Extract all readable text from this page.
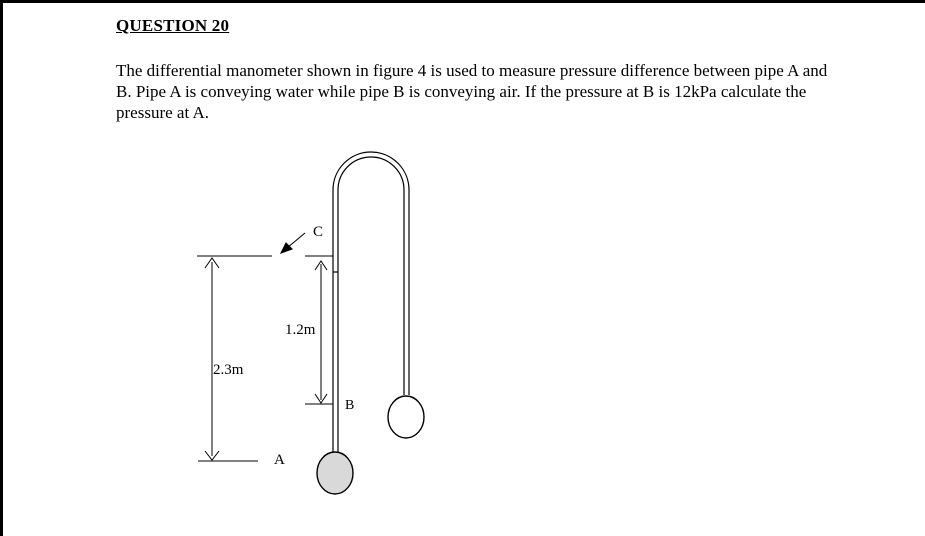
QUESTION 20

The differential manometer shown in figure 4 is used to measure pressure difference between pipe A and B. Pipe A is conveying water while pipe B is conveying air. If the pressure at B is 12kPa calculate the pressure at A.

C
1.2m
2.3m
B
A
